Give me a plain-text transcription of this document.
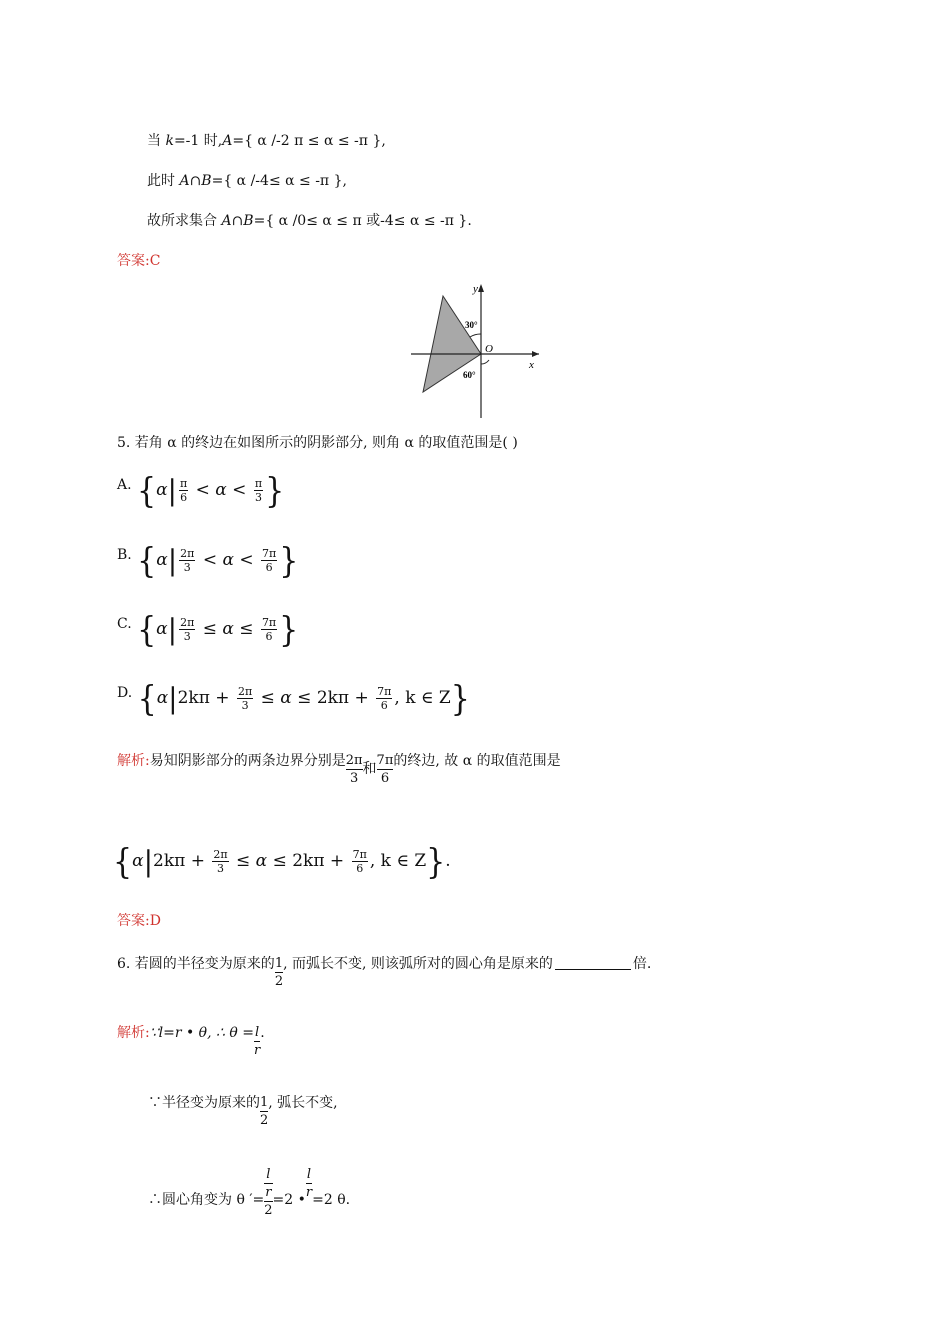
当 k=-1 时,A={ α /-2 π ≤ α ≤ -π },
此时 A∩B={ α /-4≤ α ≤ -π },
故所求集合 A∩B={ α /0≤ α ≤ π 或-4≤ α ≤ -π }.
答案:C
y
x
O
30°
60°
5. 若角 α 的终边在如图所示的阴影部分, 则角 α 的取值范围是( )
A. {$\alpha| \frac{\pi}{6} < \alpha < \frac{\pi}{3}$ }
B. {$\alpha| \frac{2\pi}{3} < \alpha < \frac{7\pi}{6}$ }
C. {$\alpha| \frac{2\pi}{3} \le \alpha \le \frac{7\pi}{6}$ }
D. {$\alpha|2k\pi + \frac{2\pi}{3} \le \alpha \le 2k\pi + \frac{7\pi}{6}$ , k ∈ Z}
解析:易知阴影部分的两条边界分别是 $\frac{2\pi}{3}$ 和 $\frac{7\pi}{6}$ 的终边, 故 α 的取值范围是
{$\alpha|2k\pi + \frac{2\pi}{3} \le \alpha \le 2k\pi + \frac{7\pi}{6}$ , k ∈ Z}.
答案:D
6. 若圆的半径变为原来的 $\frac{1}{2}$ , 而弧长不变, 则该弧所对的圆心角是原来的	倍.
解析:∵l=r • θ, ∴ $\theta = \frac{l}{r}$ .
∵半径变为原来的 $\frac{1}{2}$ , 弧长不变,
∴圆心角变为 θ ′=
l
r
2
=2 • $\frac{l}{r} =2$ θ.
